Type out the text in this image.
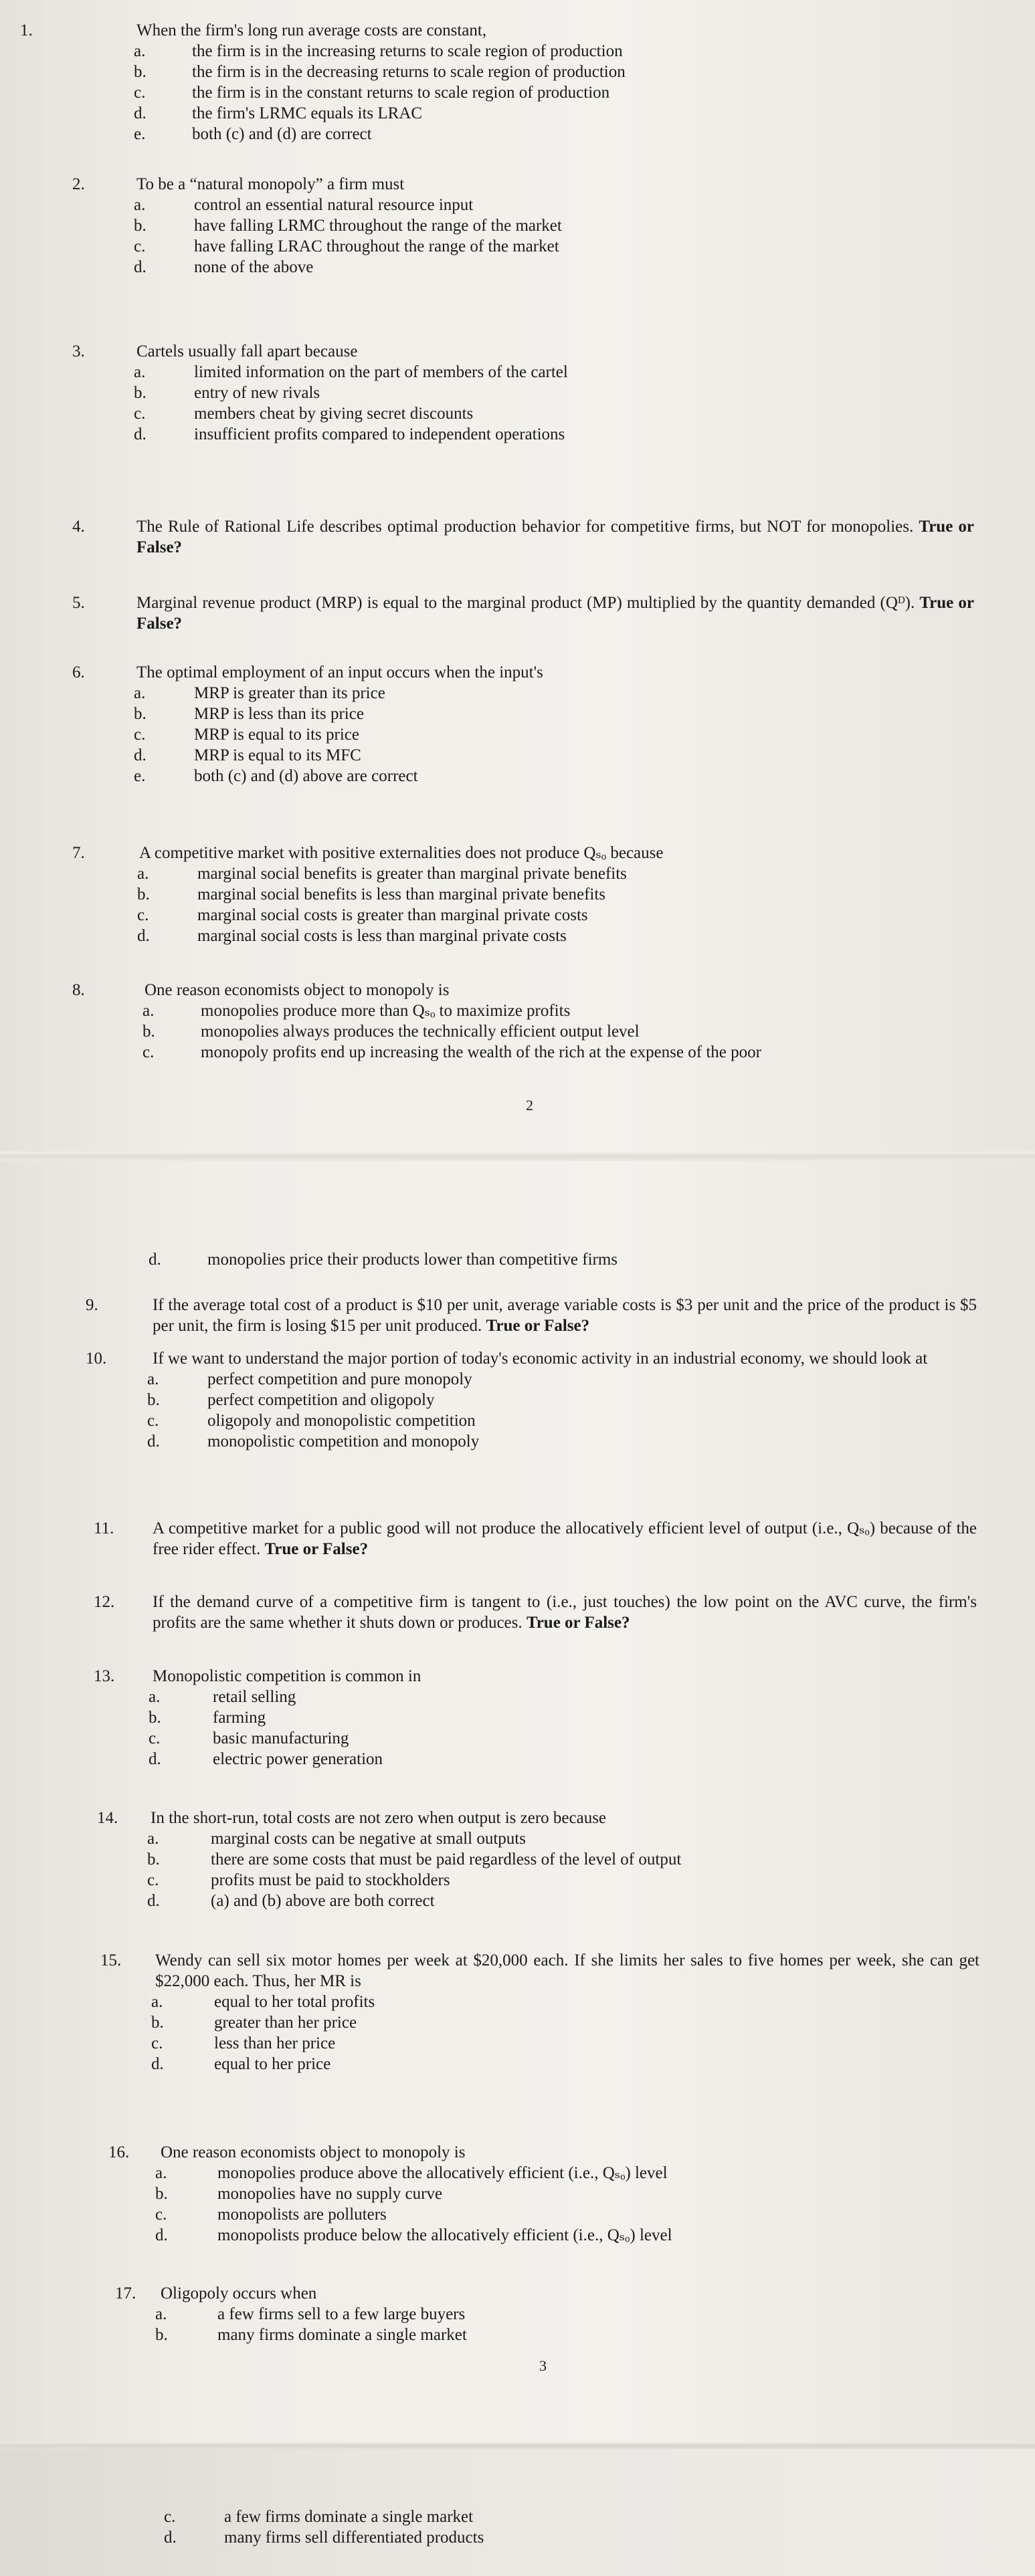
1.	When the firm's long run average costs are constant,
a.	the firm is in the increasing returns to scale region of production
b.	the firm is in the decreasing returns to scale region of production
c.	the firm is in the constant returns to scale region of production
d.	the firm's LRMC equals its LRAC
e.	both (c) and (d) are correct
2.	To be a “natural monopoly” a firm must
a.	control an essential natural resource input
b.	have falling LRMC throughout the range of the market
c.	have falling LRAC throughout the range of the market
d.	none of the above
3.	Cartels usually fall apart because
a.	limited information on the part of members of the cartel
b.	entry of new rivals
c.	members cheat by giving secret discounts
d.	insufficient profits compared to independent operations
4.	The Rule of Rational Life describes optimal production behavior for competitive firms, but NOT for monopolies. True or False?
5.	Marginal revenue product (MRP) is equal to the marginal product (MP) multiplied by the quantity demanded (Qᴰ). True or False?
6.	The optimal employment of an input occurs when the input's
a.	MRP is greater than its price
b.	MRP is less than its price
c.	MRP is equal to its price
d.	MRP is equal to its MFC
e.	both (c) and (d) above are correct
7.	A competitive market with positive externalities does not produce Qₛₒ because
a.	marginal social benefits is greater than marginal private benefits
b.	marginal social benefits is less than marginal private benefits
c.	marginal social costs is greater than marginal private costs
d.	marginal social costs is less than marginal private costs
8.	One reason economists object to monopoly is
a.	monopolies produce more than Qₛₒ to maximize profits
b.	monopolies always produces the technically efficient output level
c.	monopoly profits end up increasing the wealth of the rich at the expense of the poor
d.	monopolies price their products lower than competitive firms
9.	If the average total cost of a product is $10 per unit, average variable costs is $3 per unit and the price of the product is $5 per unit, the firm is losing $15 per unit produced. True or False?
10.	If we want to understand the major portion of today's economic activity in an industrial economy, we should look at
a.	perfect competition and pure monopoly
b.	perfect competition and oligopoly
c.	oligopoly and monopolistic competition
d.	monopolistic competition and monopoly
11. A competitive market for a public good will not produce the allocatively efficient level of output (i.e., Qₛₒ) because of the free rider effect. True or False?
12. If the demand curve of a competitive firm is tangent to (i.e., just touches) the low point on the AVC curve, the firm's profits are the same whether it shuts down or produces. True or False?
13. Monopolistic competition is common in
a.	retail selling
b.	farming
c.	basic manufacturing
d.	electric power generation
14. In the short-run, total costs are not zero when output is zero because
a.	marginal costs can be negative at small outputs
b.	there are some costs that must be paid regardless of the level of output
c.	profits must be paid to stockholders
d.	(a) and (b) above are both correct
15. Wendy can sell six motor homes per week at $20,000 each. If she limits her sales to five homes per week, she can get $22,000 each. Thus, her MR is
a.	equal to her total profits
b.	greater than her price
c.	less than her price
d.	equal to her price
16. One reason economists object to monopoly is
a.	monopolies produce above the allocatively efficient (i.e., Qₛₒ) level
b.	monopolies have no supply curve
c.	monopolists are polluters
d.	monopolists produce below the allocatively efficient (i.e., Qₛₒ) level
17. Oligopoly occurs when
a.	a few firms sell to a few large buyers
b.	many firms dominate a single market
c.	a few firms dominate a single market
d.	many firms sell differentiated products
2
3
